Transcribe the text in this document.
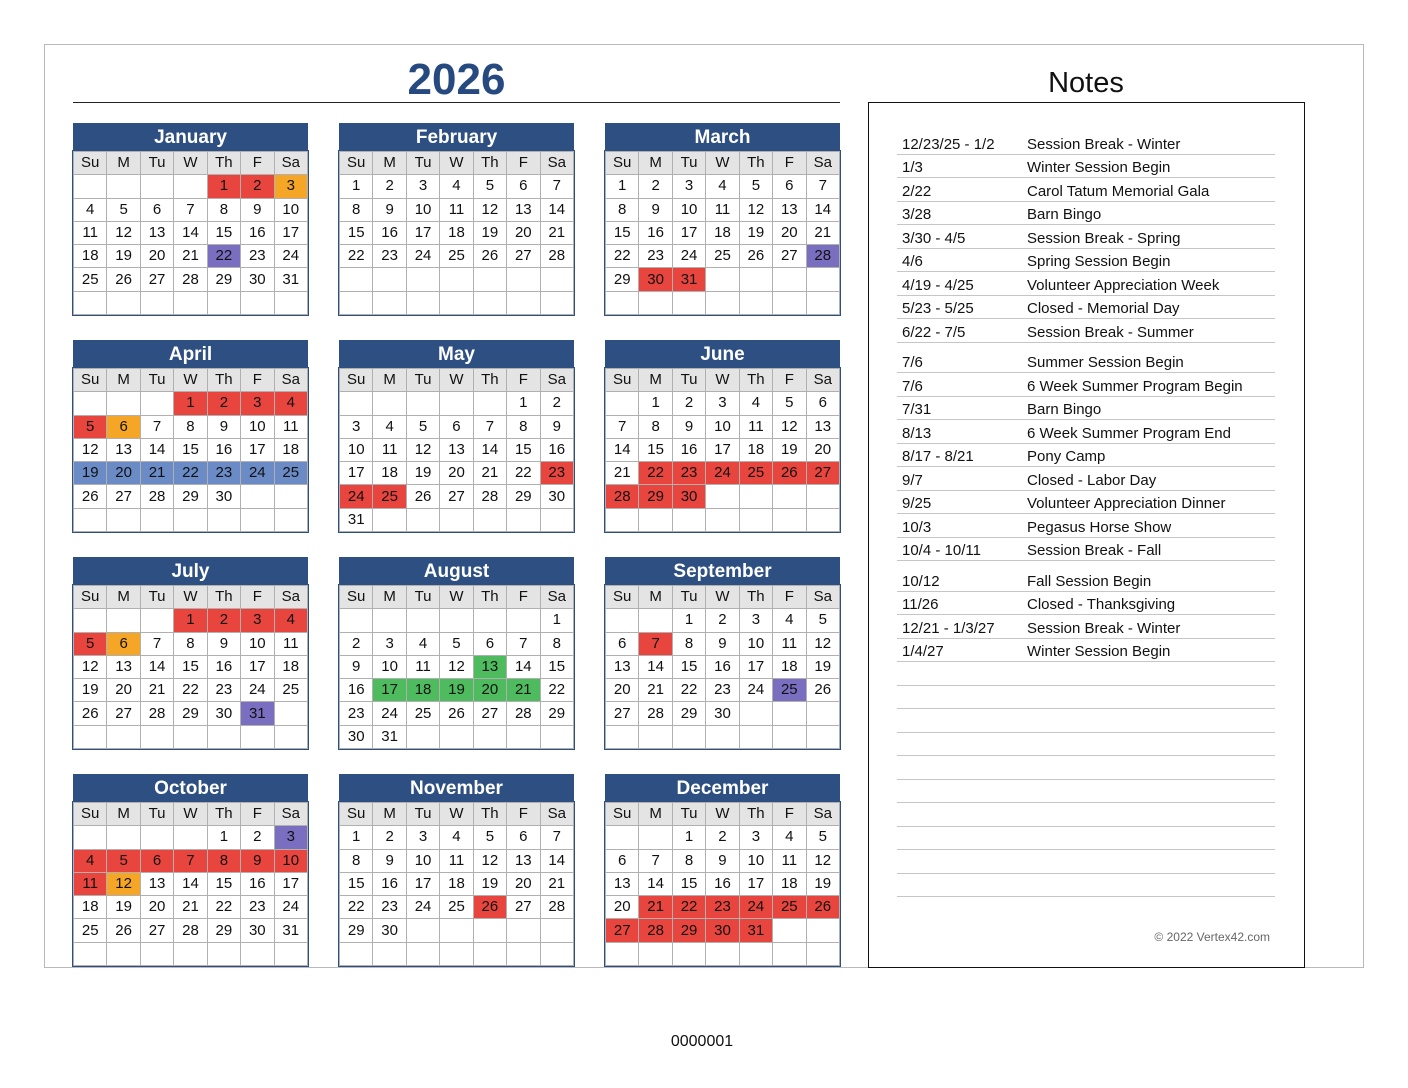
2026
January
Su	M	Tu	W	Th	F	Sa
				1	2	3
4	5	6	7	8	9	10
11	12	13	14	15	16	17
18	19	20	21	22	23	24
25	26	27	28	29	30	31

February
Su	M	Tu	W	Th	F	Sa
1	2	3	4	5	6	7
8	9	10	11	12	13	14
15	16	17	18	19	20	21
22	23	24	25	26	27	28

March
Su	M	Tu	W	Th	F	Sa
1	2	3	4	5	6	7
8	9	10	11	12	13	14
15	16	17	18	19	20	21
22	23	24	25	26	27	28
29	30	31				

April
Su	M	Tu	W	Th	F	Sa
			1	2	3	4
5	6	7	8	9	10	11
12	13	14	15	16	17	18
19	20	21	22	23	24	25
26	27	28	29	30		

May
Su	M	Tu	W	Th	F	Sa
					1	2
3	4	5	6	7	8	9
10	11	12	13	14	15	16
17	18	19	20	21	22	23
24	25	26	27	28	29	30
31						
June
Su	M	Tu	W	Th	F	Sa
	1	2	3	4	5	6
7	8	9	10	11	12	13
14	15	16	17	18	19	20
21	22	23	24	25	26	27
28	29	30				

July
Su	M	Tu	W	Th	F	Sa
			1	2	3	4
5	6	7	8	9	10	11
12	13	14	15	16	17	18
19	20	21	22	23	24	25
26	27	28	29	30	31	

August
Su	M	Tu	W	Th	F	Sa
						1
2	3	4	5	6	7	8
9	10	11	12	13	14	15
16	17	18	19	20	21	22
23	24	25	26	27	28	29
30	31					
September
Su	M	Tu	W	Th	F	Sa
		1	2	3	4	5
6	7	8	9	10	11	12
13	14	15	16	17	18	19
20	21	22	23	24	25	26
27	28	29	30			

October
Su	M	Tu	W	Th	F	Sa
				1	2	3
4	5	6	7	8	9	10
11	12	13	14	15	16	17
18	19	20	21	22	23	24
25	26	27	28	29	30	31

November
Su	M	Tu	W	Th	F	Sa
1	2	3	4	5	6	7
8	9	10	11	12	13	14
15	16	17	18	19	20	21
22	23	24	25	26	27	28
29	30					

December
Su	M	Tu	W	Th	F	Sa
		1	2	3	4	5
6	7	8	9	10	11	12
13	14	15	16	17	18	19
20	21	22	23	24	25	26
27	28	29	30	31		

Notes
12/23/25 - 1/2 Session Break - Winter
1/3	Winter Session Begin
2/22	Carol Tatum Memorial Gala
3/28	Barn Bingo
3/30 - 4/5	Session Break - Spring
4/6	Spring Session Begin
4/19 - 4/25	Volunteer Appreciation Week
5/23 - 5/25	Closed - Memorial Day
6/22 - 7/5	Session Break - Summer
7/6	Summer Session Begin
7/6	6 Week Summer Program Begin
7/31	Barn Bingo
8/13	6 Week Summer Program End
8/17 - 8/21	Pony Camp
9/7	Closed - Labor Day
9/25	Volunteer Appreciation Dinner
10/3	Pegasus Horse Show
10/4 - 10/11	Session Break - Fall
10/12	Fall Session Begin
11/26	Closed - Thanksgiving
12/21 - 1/3/27 Session Break - Winter
1/4/27	Winter Session Begin
© 2022 Vertex42.com
0000001
